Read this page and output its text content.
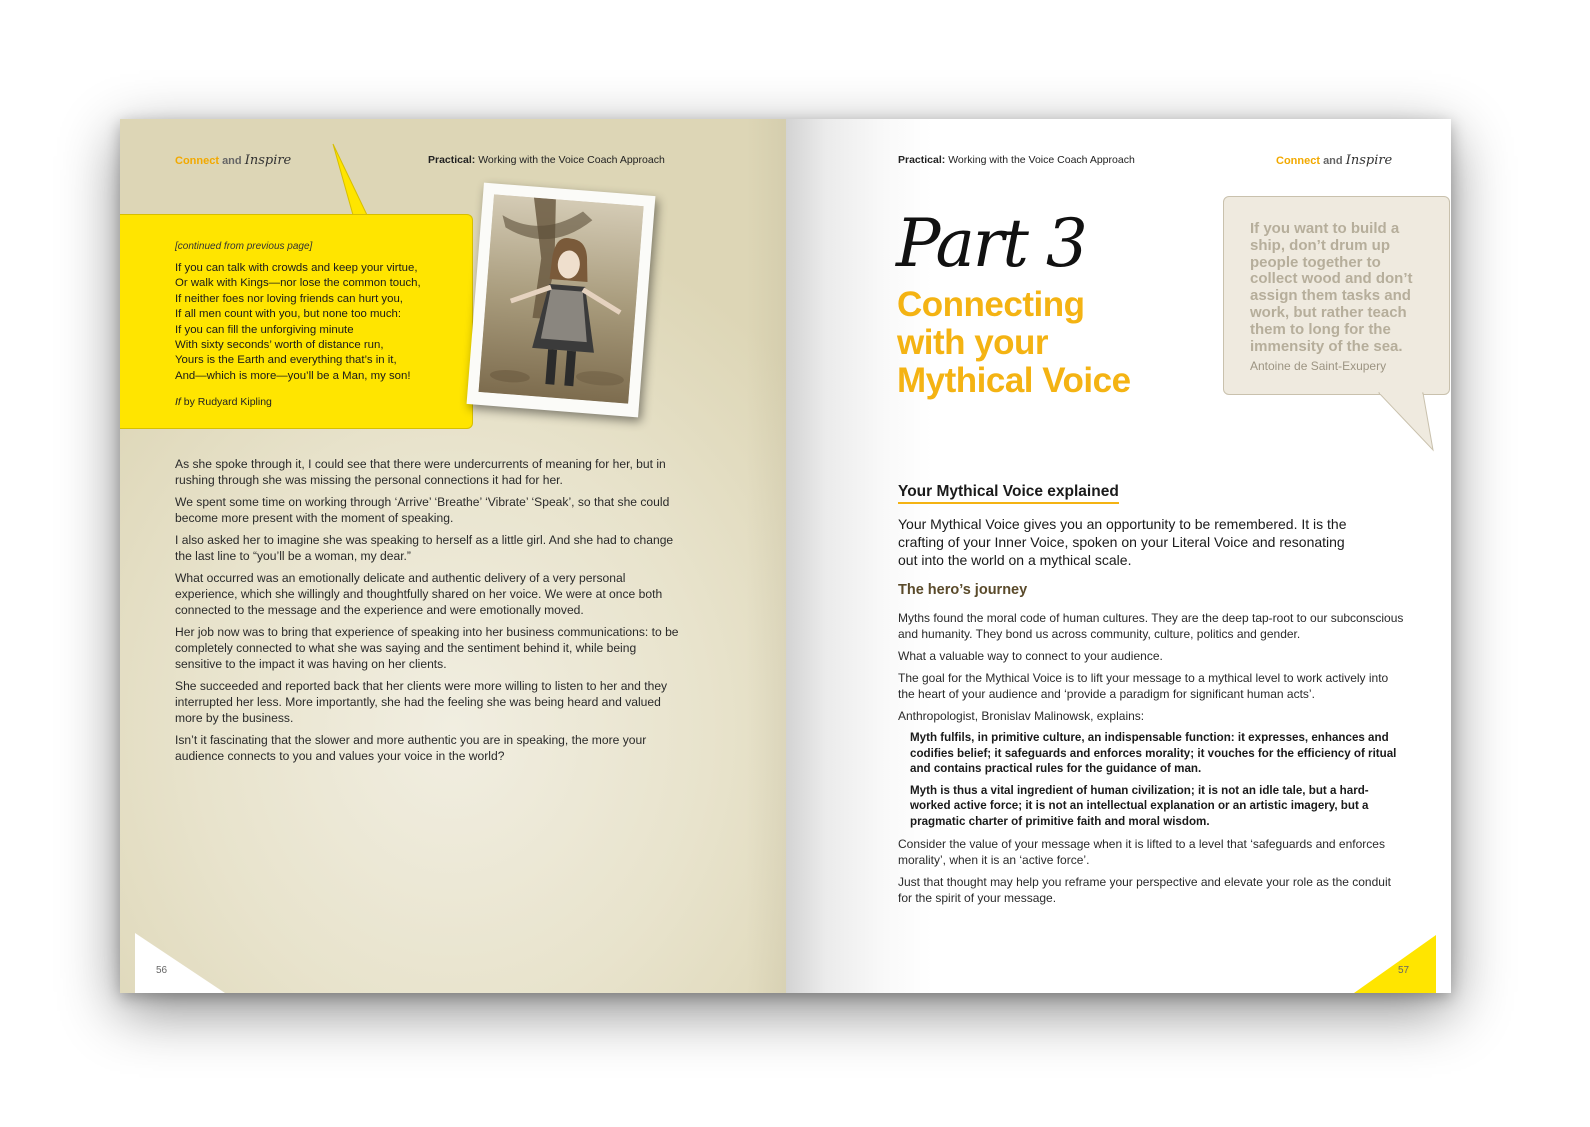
Connect and Inspire	Practical: Working with the Voice Coach Approach
[continued from previous page]
If you can talk with crowds and keep your virtue,
Or walk with Kings—nor lose the common touch,
If neither foes nor loving friends can hurt you,
If all men count with you, but none too much:
If you can fill the unforgiving minute
With sixty seconds’ worth of distance run,
Yours is the Earth and everything that’s in it,
And—which is more—you’ll be a Man, my son!
If by Rudyard Kipling

As she spoke through it, I could see that there were undercurrents of meaning for her, but in rushing through she was missing the personal connections it had for her.

We spent some time on working through ‘Arrive’ ‘Breathe’ ‘Vibrate’ ‘Speak’, so that she could become more present with the moment of speaking.

I also asked her to imagine she was speaking to herself as a little girl. And she had to change the last line to “you’ll be a woman, my dear.”

What occurred was an emotionally delicate and authentic delivery of a very personal experience, which she willingly and thoughtfully shared on her voice. We were at once both connected to the message and the experience and were emotionally moved.

Her job now was to bring that experience of speaking into her business communications: to be completely connected to what she was saying and the sentiment behind it, while being sensitive to the impact it was having on her clients.

She succeeded and reported back that her clients were more willing to listen to her and they interrupted her less. More importantly, she had the feeling she was being heard and valued more by the business.

Isn’t it fascinating that the slower and more authentic you are in speaking, the more your audience connects to you and values your voice in the world?

56
Practical: Working with the Voice Coach Approach	Connect and Inspire
Part 3
Connecting
with your
Mythical Voice
If you want to build a
ship, don’t drum up
people together to
collect wood and don’t
assign them tasks and
work, but rather teach
them to long for the
immensity of the sea.
Antoine de Saint-Exupery
Your Mythical Voice explained
Your Mythical Voice gives you an opportunity to be remembered. It is the
crafting of your Inner Voice, spoken on your Literal Voice and resonating
out into the world on a mythical scale.
The hero’s journey

Myths found the moral code of human cultures. They are the deep tap-root to our subconscious and humanity. They bond us across community, culture, politics and gender.

What a valuable way to connect to your audience.

The goal for the Mythical Voice is to lift your message to a mythical level to work actively into the heart of your audience and ‘provide a paradigm for significant human acts’.

Anthropologist, Bronislav Malinowsk, explains:

Myth fulfils, in primitive culture, an indispensable function: it expresses, enhances and codifies belief; it safeguards and enforces morality; it vouches for the efficiency of ritual and contains practical rules for the guidance of man.

Myth is thus a vital ingredient of human civilization; it is not an idle tale, but a hard-worked active force; it is not an intellectual explanation or an artistic imagery, but a pragmatic charter of primitive faith and moral wisdom.

Consider the value of your message when it is lifted to a level that ‘safeguards and enforces morality’, when it is an ‘active force’.

Just that thought may help you reframe your perspective and elevate your role as the conduit for the spirit of your message.

57
